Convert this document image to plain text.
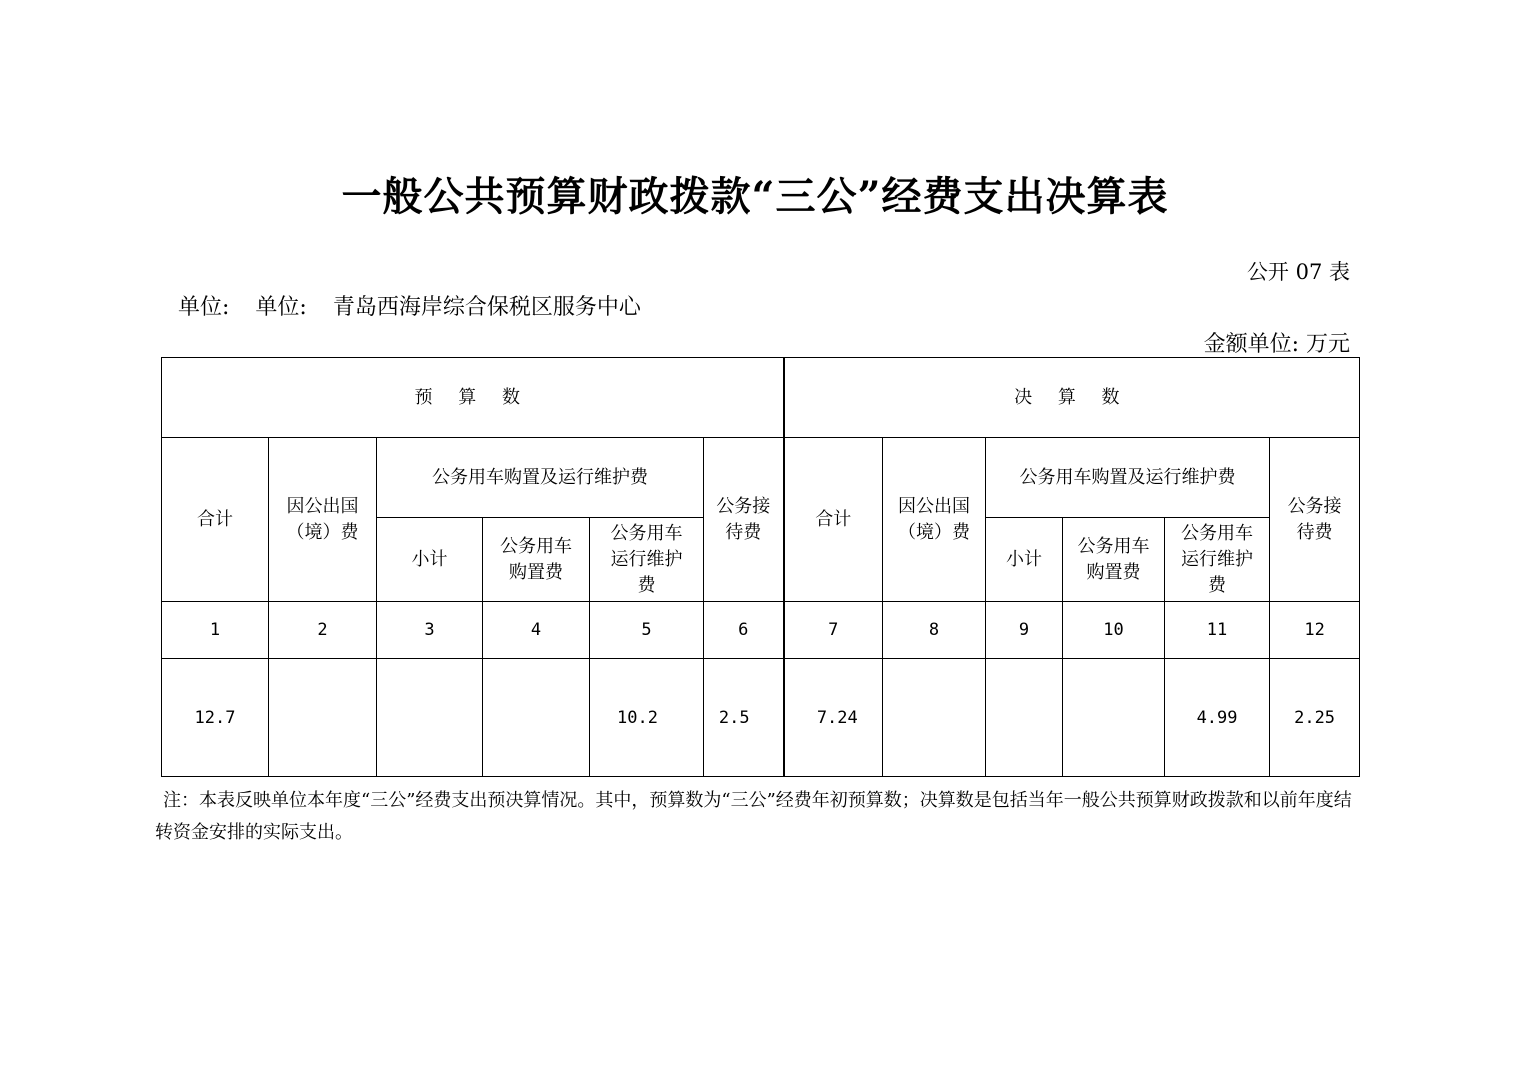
一般公共预算财政拨款“三公”经费支出决算表
公开 07 表
单位: 单位: 青岛西海岸综合保税区服务中心
金额单位: 万元
预 算 数						决 算 数					
合计	因公出国（境）费	公务用车购置及运行维护费			公务接待费	合计	因公出国（境）费	公务用车购置及运行维护费			公务接待费
		小计	公务用车购置费	公务用车运行维护费				小计	公务用车购置费	公务用车运行维护费	
1	2	3	4	5	6	7	8	9	10	11	12
12.7				10.2	2.5	7.24				4.99	2.25
注：本表反映单位本年度“三公”经费支出预决算情况。其中，预算数为“三公”经费年初预算数；决算数是包括当年一般公共预算财政拨款和以前年度结转资金安排的实际支出。
